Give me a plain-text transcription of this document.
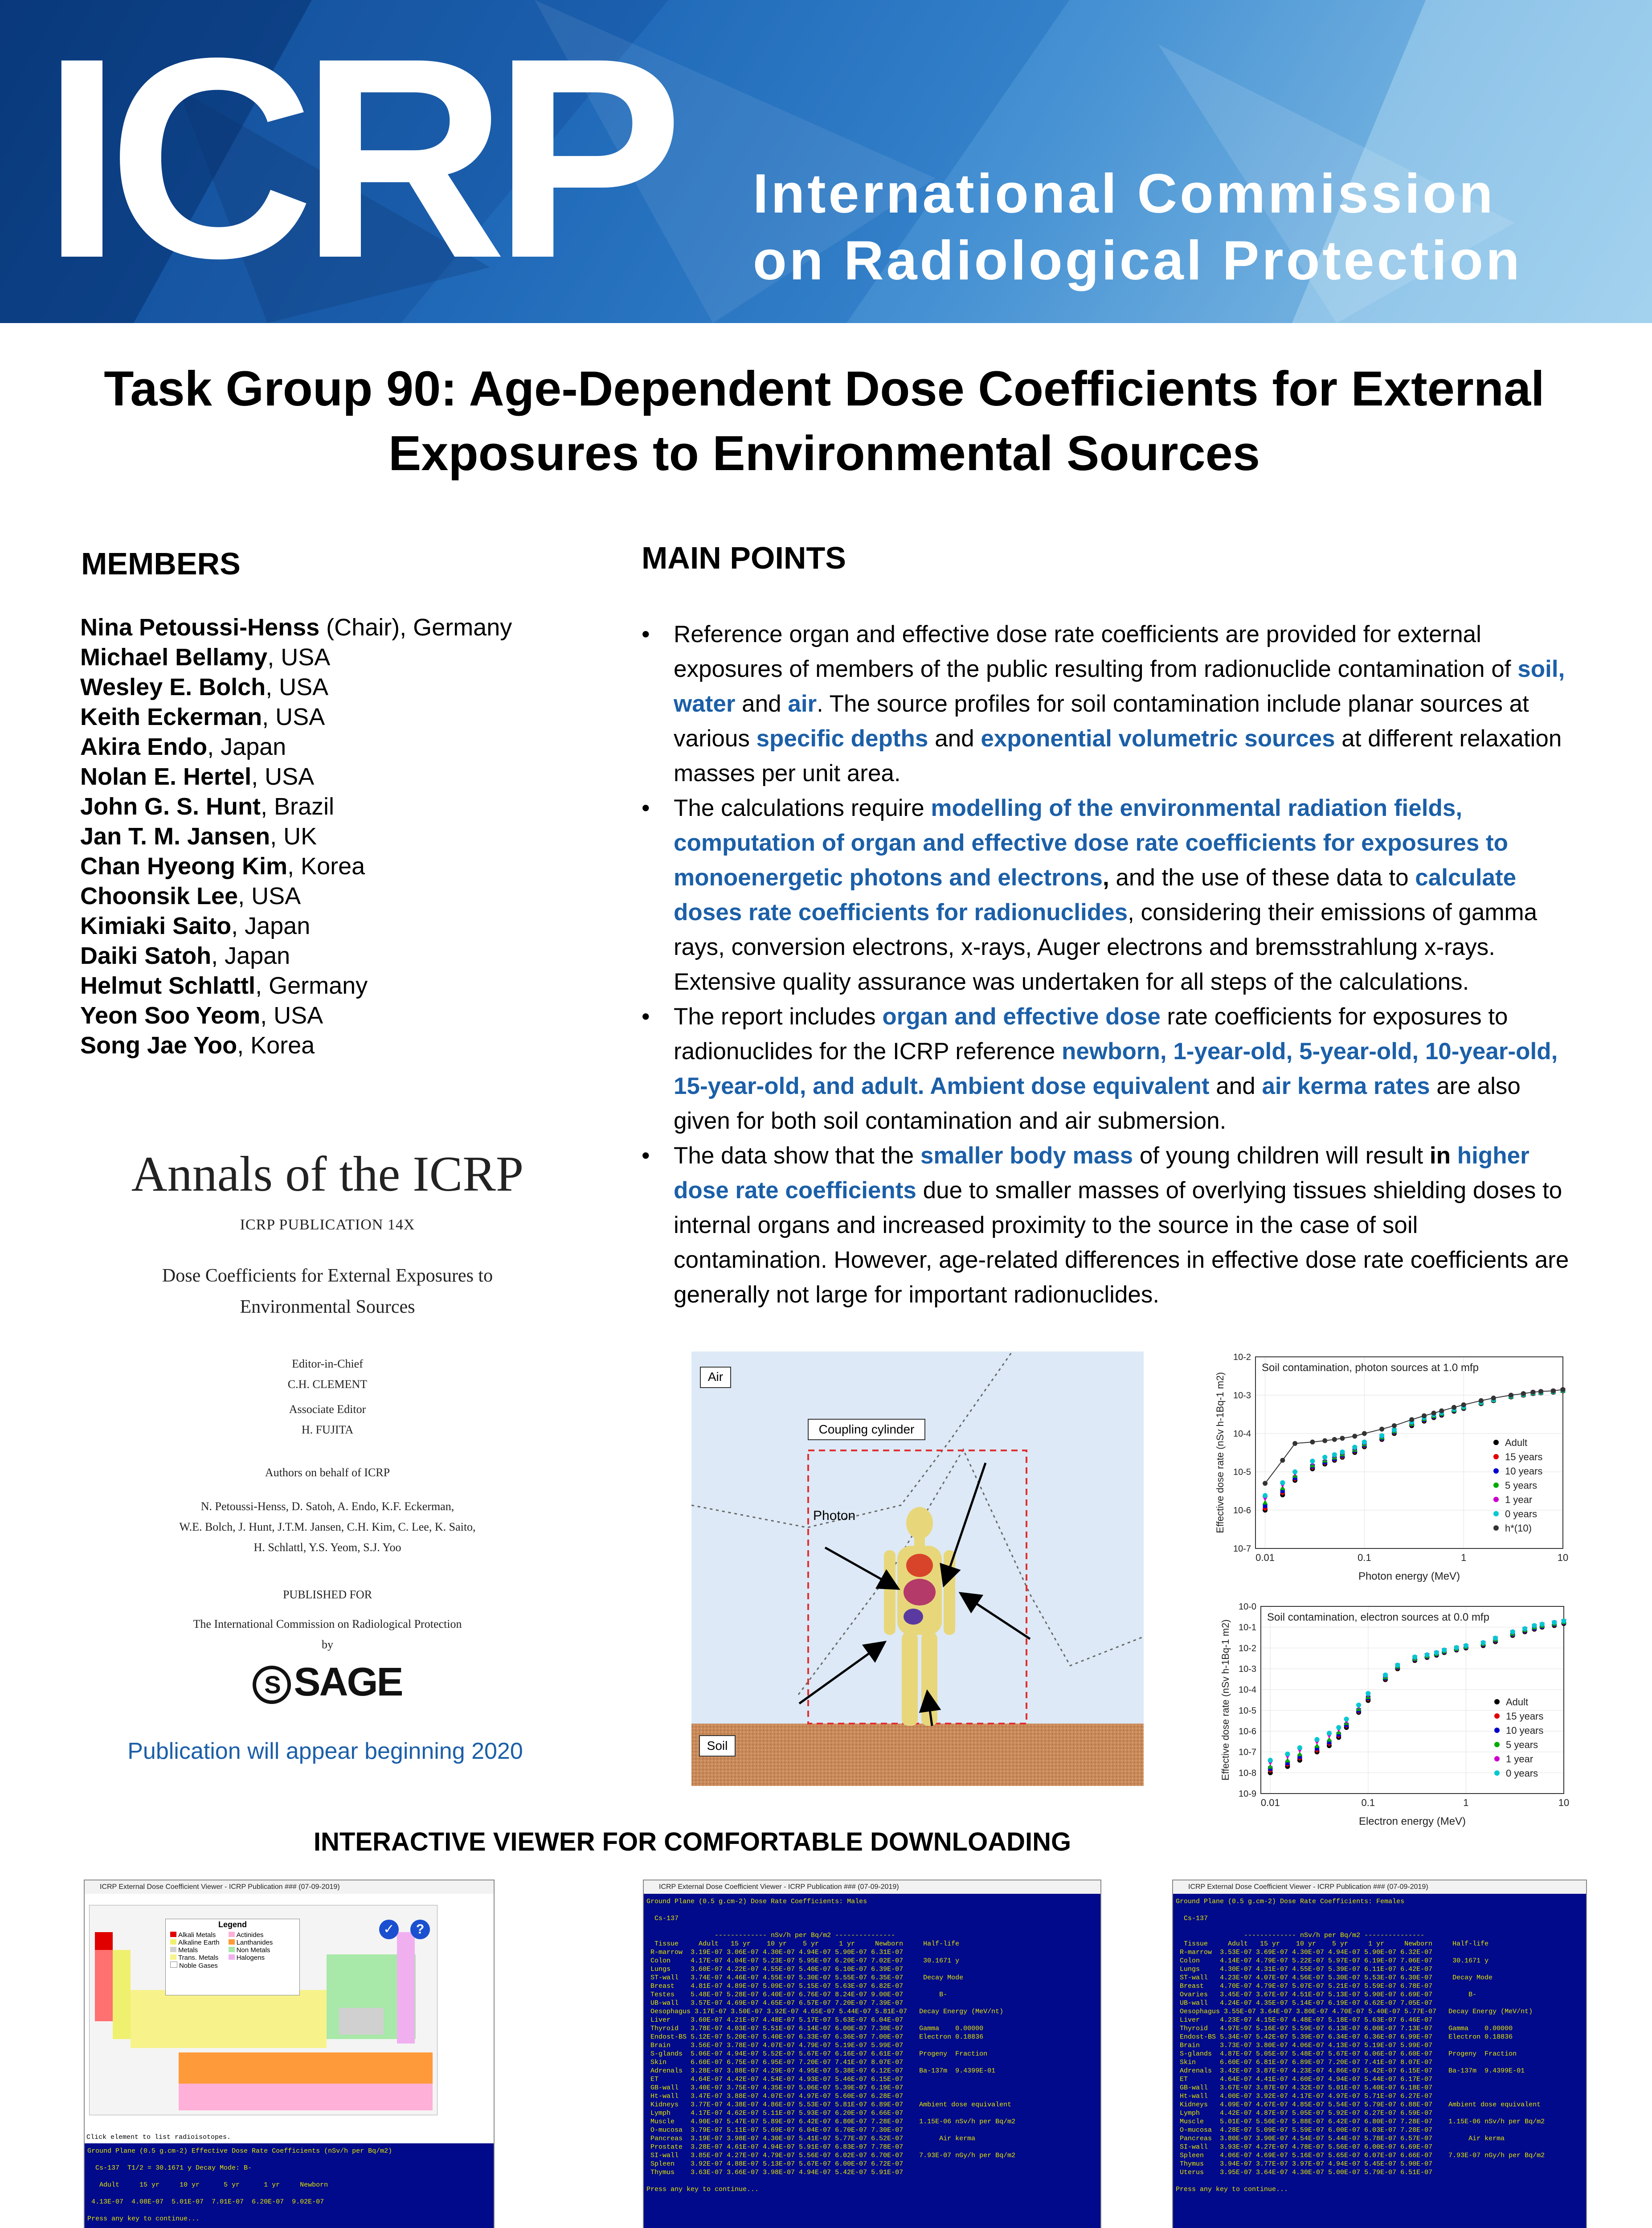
ICRP International Commission
on Radiological Protection
Task Group 90: Age-Dependent Dose Coefficients for External
Exposures to Environmental Sources
MEMBERS
Nina Petoussi-Henss (Chair), Germany
Michael Bellamy, USA
Wesley E. Bolch, USA
Keith Eckerman, USA
Akira Endo, Japan
Nolan E. Hertel, USA
John G. S. Hunt, Brazil
Jan T. M. Jansen, UK
Chan Hyeong Kim, Korea
Choonsik Lee, USA
Kimiaki Saito, Japan
Daiki Satoh, Japan
Helmut Schlattl, Germany
Yeon Soo Yeom, USA
Song Jae Yoo, Korea
Annals of the ICRP
ICRP PUBLICATION 14X
Dose Coefficients for External Exposures to
Environmental Sources
Editor-in-Chief
C.H. CLEMENT
Associate Editor
H. FUJITA
Authors on behalf of ICRP
N. Petoussi-Henss, D. Satoh, A. Endo, K.F. Eckerman,
W.E. Bolch, J. Hunt, J.T.M. Jansen, C.H. Kim, C. Lee, K. Saito,
H. Schlattl, Y.S. Yeom, S.J. Yoo
PUBLISHED FOR
The International Commission on Radiological Protection
by
S SAGE
Publication will appear beginning 2020
MAIN POINTS
• Reference organ and effective dose rate coefficients are provided for external exposures of members of the public resulting from radionuclide contamination of soil, water and air. The source profiles for soil contamination include planar sources at various specific depths and exponential volumetric sources at different relaxation masses per unit area.
• The calculations require modelling of the environmental radiation fields, computation of organ and effective dose rate coefficients for exposures to monoenergetic photons and electrons, and the use of these data to calculate doses rate coefficients for radionuclides, considering their emissions of gamma rays, conversion electrons, x-rays, Auger electrons and bremsstrahlung x-rays. Extensive quality assurance was undertaken for all steps of the calculations.
• The report includes organ and effective dose rate coefficients for exposures to radionuclides for the ICRP reference newborn, 1-year-old, 5-year-old, 10-year-old, 15-year-old, and adult. Ambient dose equivalent and air kerma rates are also given for both soil contamination and air submersion.
• The data show that the smaller body mass of young children will result in higher dose rate coefficients due to smaller masses of overlying tissues shielding doses to internal organs and increased proximity to the source in the case of soil contamination. However, age-related differences in effective dose rate coefficients are generally not large for important radionuclides.
Air
Coupling cylinder
Photon
Soil
10-7
10-6
10-5
10-4
10-3
10-2
0.01	0.1	1	10
Soil contamination, photon sources at 1.0 mfp
Photon energy (MeV)
Effective dose rate (nSv h-1Bq-1 m2)	Adult
15 years
10 years
5 years
1 year
0 years
h*(10)
10-9
10-8
10-7
10-6
10-5
10-4
10-3
10-2
10-1
10-0
0.01	0.1	1	10
Soil contamination, electron sources at 0.0 mfp
Electron energy (MeV)
Effective dose rate (nSv h-1Bq-1 m2)	Adult
15 years
10 years
5 years
1 year
0 years
INTERACTIVE VIEWER FOR COMFORTABLE DOWNLOADING
ICRP External Dose Coefficient Viewer - ICRP Publication ### (07-09-2019)
Legend
Alkali Metals
Alkaline Earth
Metals
Trans. Metals
Noble Gases
Actinides
Lanthanides
Non Metals
Halogens
✓	?
Click element to list radioisotopes.
Ground Plane (0.5 g.cm-2) Effective Dose Rate Coefficients (nSv/h per Bq/m2)

Cs-137  T1/2 = 30.1671 y Decay Mode: B-

Adult     15 yr     10 yr      5 yr      1 yr     Newborn

4.13E-07  4.08E-07  5.01E-07  7.01E-07  6.20E-07  9.02E-07

Press any key to continue...
ICRP External Dose Coefficient Viewer - ICRP Publication ### (07-09-2019)
Ground Plane (0.5 g.cm-2) Dose Rate Coefficients: Males

Cs-137

------------- nSv/h per Bq/m2 ---------------
Tissue     Adult   15 yr    10 yr    5 yr     1 yr     Newborn     Half-life
R-marrow  3.19E-07 3.06E-07 4.30E-07 4.94E-07 5.90E-07 6.31E-07
Colon     4.17E-07 4.04E-07 5.23E-07 5.95E-07 6.20E-07 7.02E-07     30.1671 y
Lungs     3.60E-07 4.22E-07 4.55E-07 5.40E-07 6.10E-07 6.39E-07
ST-wall   3.74E-07 4.46E-07 4.55E-07 5.30E-07 5.55E-07 6.35E-07     Decay Mode
Breast    4.81E-07 4.89E-07 5.09E-07 5.15E-07 5.63E-07 6.82E-07
Testes    5.48E-07 5.28E-07 6.40E-07 6.76E-07 8.24E-07 9.00E-07         B-
UB-wall   3.57E-07 4.69E-07 4.65E-07 6.57E-07 7.20E-07 7.39E-07
Oesophagus 3.17E-07 3.50E-07 3.92E-07 4.65E-07 5.44E-07 5.81E-07   Decay Energy (MeV/nt)
Liver     3.60E-07 4.21E-07 4.48E-07 5.17E-07 5.63E-07 6.04E-07
Thyroid   3.78E-07 4.03E-07 5.51E-07 6.14E-07 6.00E-07 7.30E-07    Gamma    0.00000
Endost-BS 5.12E-07 5.20E-07 5.40E-07 6.33E-07 6.36E-07 7.00E-07    Electron 0.18836
Brain     3.56E-07 3.78E-07 4.07E-07 4.79E-07 5.19E-07 5.99E-07
S-glands  5.06E-07 4.94E-07 5.52E-07 5.67E-07 6.16E-07 6.61E-07    Progeny  Fraction
Skin      6.60E-07 6.75E-07 6.95E-07 7.20E-07 7.41E-07 8.07E-07
Adrenals  3.28E-07 3.88E-07 4.29E-07 4.95E-07 5.38E-07 6.12E-07    Ba-137m  9.4399E-01
ET        4.64E-07 4.42E-07 4.54E-07 4.93E-07 5.46E-07 6.15E-07
GB-wall   3.40E-07 3.75E-07 4.35E-07 5.06E-07 5.39E-07 6.19E-07
Ht-wall   3.47E-07 3.88E-07 4.07E-07 4.97E-07 5.60E-07 6.28E-07
Kidneys   3.77E-07 4.38E-07 4.86E-07 5.53E-07 5.81E-07 6.89E-07    Ambient dose equivalent
Lymph     4.17E-07 4.62E-07 5.11E-07 5.93E-07 6.20E-07 6.66E-07
Muscle    4.90E-07 5.47E-07 5.89E-07 6.42E-07 6.80E-07 7.28E-07    1.15E-06 nSv/h per Bq/m2
O-mucosa  3.79E-07 5.11E-07 5.69E-07 6.04E-07 6.70E-07 7.30E-07
Pancreas  3.19E-07 3.98E-07 4.30E-07 5.41E-07 5.77E-07 6.52E-07         Air kerma
Prostate  3.28E-07 4.61E-07 4.94E-07 5.91E-07 6.83E-07 7.78E-07
SI-wall   3.85E-07 4.27E-07 4.79E-07 5.56E-07 6.02E-07 6.70E-07    7.93E-07 nGy/h per Bq/m2
Spleen    3.92E-07 4.88E-07 5.13E-07 5.67E-07 6.00E-07 6.72E-07
Thymus    3.63E-07 3.66E-07 3.98E-07 4.94E-07 5.42E-07 5.91E-07

Press any key to continue...
ICRP External Dose Coefficient Viewer - ICRP Publication ### (07-09-2019)
Ground Plane (0.5 g.cm-2) Dose Rate Coefficients: Females

Cs-137

------------- nSv/h per Bq/m2 ---------------
Tissue     Adult   15 yr    10 yr    5 yr     1 yr     Newborn     Half-life
R-marrow  3.53E-07 3.69E-07 4.30E-07 4.94E-07 5.90E-07 6.32E-07
Colon     4.14E-07 4.79E-07 5.22E-07 5.97E-07 6.19E-07 7.06E-07     30.1671 y
Lungs     4.30E-07 4.31E-07 4.55E-07 5.39E-07 6.11E-07 6.42E-07
ST-wall   4.23E-07 4.07E-07 4.56E-07 5.30E-07 5.53E-07 6.30E-07     Decay Mode
Breast    4.70E-07 4.79E-07 5.07E-07 5.21E-07 5.59E-07 6.78E-07
Ovaries   3.45E-07 3.67E-07 4.51E-07 5.13E-07 5.90E-07 6.69E-07         B-
UB-wall   4.24E-07 4.35E-07 5.14E-07 6.19E-07 6.62E-07 7.05E-07
Oesophagus 3.55E-07 3.64E-07 3.80E-07 4.70E-07 5.40E-07 5.77E-07   Decay Energy (MeV/nt)
Liver     4.23E-07 4.15E-07 4.48E-07 5.18E-07 5.63E-07 6.46E-07
Thyroid   4.97E-07 5.16E-07 5.59E-07 6.13E-07 6.00E-07 7.13E-07    Gamma    0.00000
Endost-BS 5.34E-07 5.42E-07 5.39E-07 6.34E-07 6.36E-07 6.99E-07    Electron 0.18836
Brain     3.73E-07 3.80E-07 4.06E-07 4.13E-07 5.19E-07 5.99E-07
S-glands  4.87E-07 5.05E-07 5.48E-07 5.67E-07 6.06E-07 6.60E-07    Progeny  Fraction
Skin      6.60E-07 6.81E-07 6.89E-07 7.20E-07 7.41E-07 8.07E-07
Adrenals  3.42E-07 3.87E-07 4.23E-07 4.86E-07 5.42E-07 6.15E-07    Ba-137m  9.4399E-01
ET        4.64E-07 4.41E-07 4.60E-07 4.94E-07 5.44E-07 6.17E-07
GB-wall   3.67E-07 3.87E-07 4.32E-07 5.01E-07 5.40E-07 6.18E-07
Ht-wall   4.00E-07 3.92E-07 4.17E-07 4.97E-07 5.71E-07 6.27E-07
Kidneys   4.09E-07 4.67E-07 4.85E-07 5.54E-07 5.79E-07 6.88E-07    Ambient dose equivalent
Lymph     4.42E-07 4.87E-07 5.05E-07 5.92E-07 6.27E-07 6.59E-07
Muscle    5.01E-07 5.50E-07 5.88E-07 6.42E-07 6.80E-07 7.28E-07    1.15E-06 nSv/h per Bq/m2
O-mucosa  4.28E-07 5.09E-07 5.59E-07 6.00E-07 6.03E-07 7.28E-07
Pancreas  3.80E-07 3.90E-07 4.54E-07 5.44E-07 5.78E-07 6.57E-07         Air kerma
SI-wall   3.93E-07 4.27E-07 4.78E-07 5.56E-07 6.00E-07 6.69E-07
Spleen    4.06E-07 4.69E-07 5.16E-07 5.65E-07 6.07E-07 6.66E-07    7.93E-07 nGy/h per Bq/m2
Thymus    3.94E-07 3.77E-07 3.97E-07 4.94E-07 5.45E-07 5.90E-07
Uterus    3.95E-07 3.64E-07 4.30E-07 5.00E-07 5.79E-07 6.51E-07

Press any key to continue...
